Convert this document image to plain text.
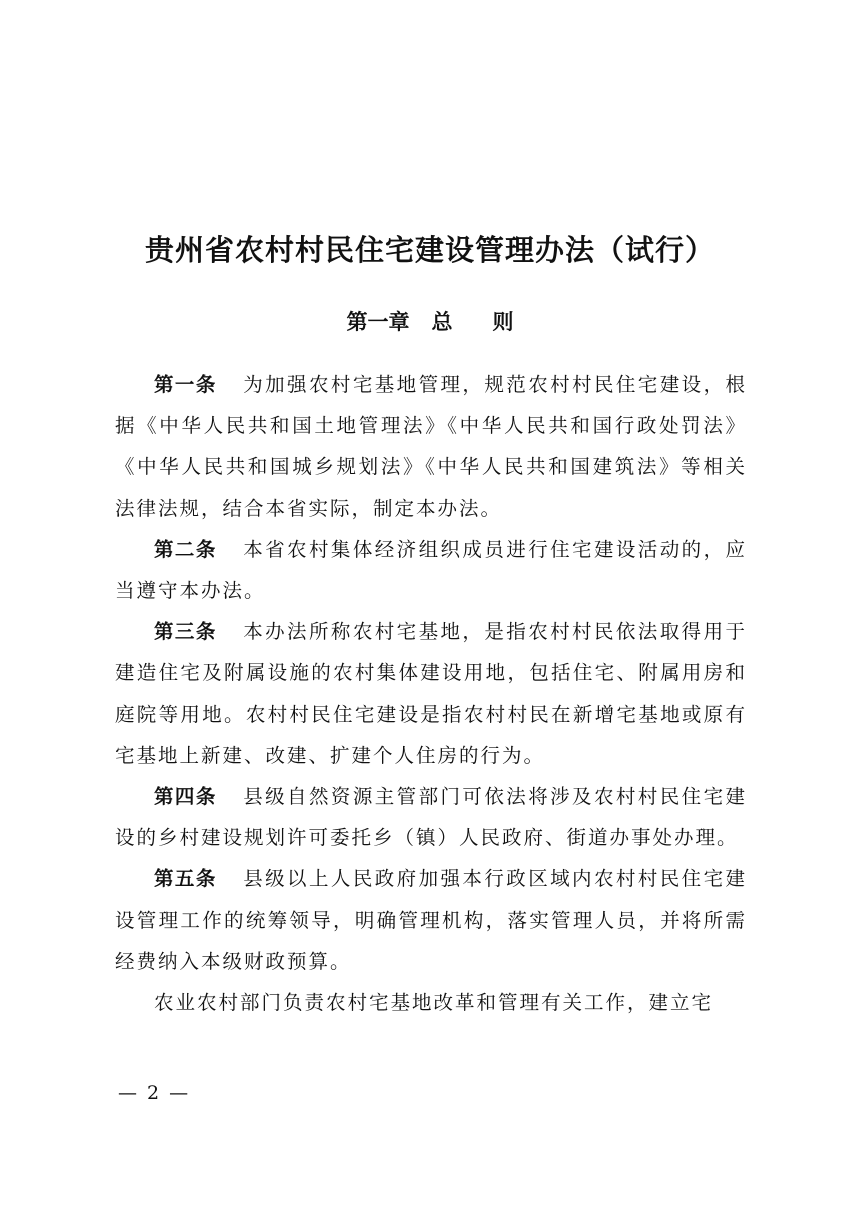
贵州省农村村民住宅建设管理办法（试行）
第一章 总 则

第一条 为加强农村宅基地管理，规范农村村民住宅建设，根据《中华人民共和国土地管理法》《中华人民共和国行政处罚法》《中华人民共和国城乡规划法》《中华人民共和国建筑法》等相关法律法规，结合本省实际，制定本办法。

第二条 本省农村集体经济组织成员进行住宅建设活动的，应当遵守本办法。

第三条 本办法所称农村宅基地，是指农村村民依法取得用于建造住宅及附属设施的农村集体建设用地，包括住宅、附属用房和庭院等用地。农村村民住宅建设是指农村村民在新增宅基地或原有宅基地上新建、改建、扩建个人住房的行为。

第四条 县级自然资源主管部门可依法将涉及农村村民住宅建设的乡村建设规划许可委托乡（镇）人民政府、街道办事处办理。

第五条 县级以上人民政府加强本行政区域内农村村民住宅建设管理工作的统筹领导，明确管理机构，落实管理人员，并将所需经费纳入本级财政预算。

农业农村部门负责农村宅基地改革和管理有关工作，建立宅

— 2 —
